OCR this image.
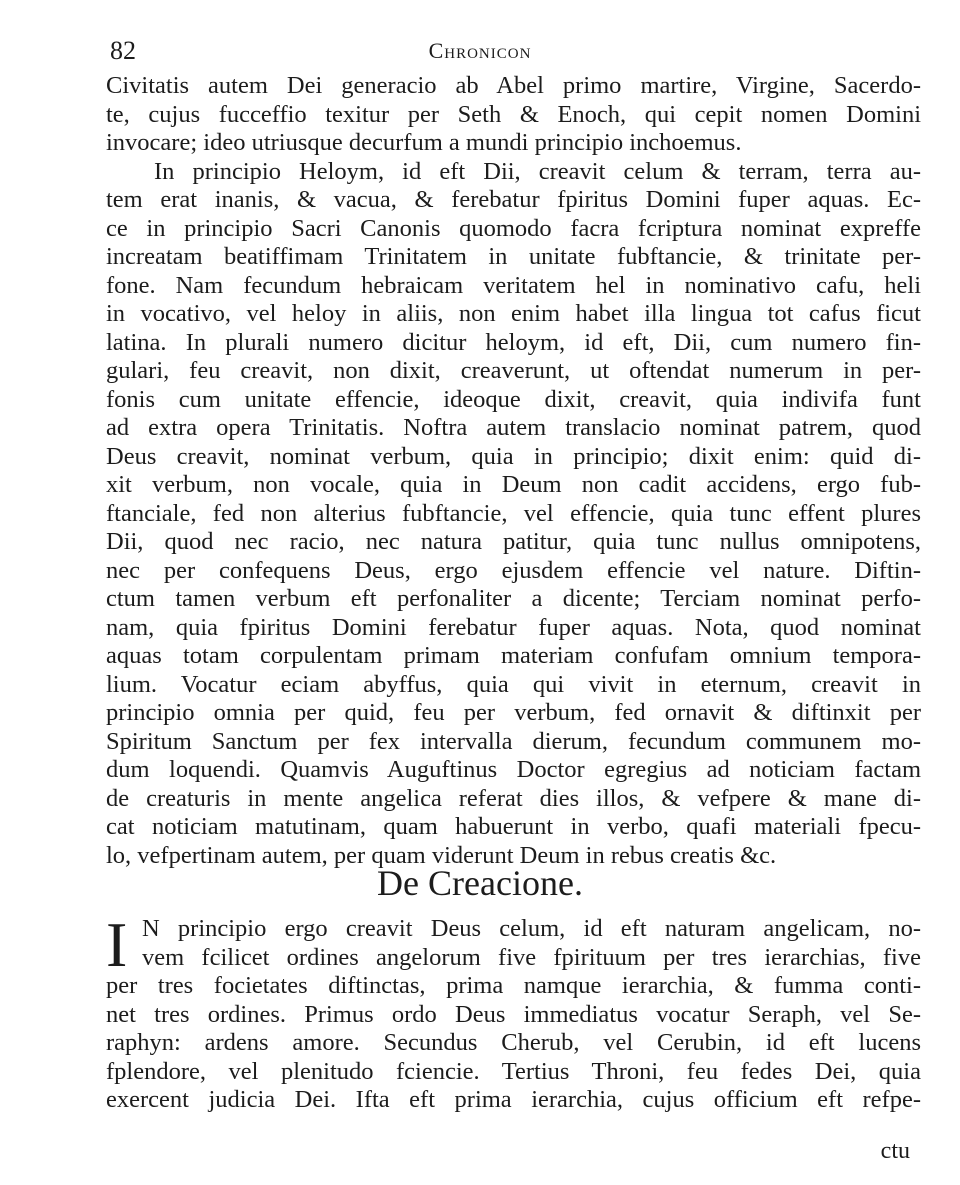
82	Chronicon
Civitatis autem Dei generacio ab Abel primo martire, Virgine, Sacerdo-
te, cujus fucceffio texitur per Seth & Enoch, qui cepit nomen Domini
invocare; ideo utriusque decurfum a mundi principio inchoemus.
In principio Heloym, id eft Dii, creavit celum & terram, terra au-
tem erat inanis, & vacua, & ferebatur fpiritus Domini fuper aquas. Ec-
ce in principio Sacri Canonis quomodo facra fcriptura nominat expreffe
increatam beatiffimam Trinitatem in unitate fubftancie, & trinitate per-
fone. Nam fecundum hebraicam veritatem hel in nominativo cafu, heli
in vocativo, vel heloy in aliis, non enim habet illa lingua tot cafus ficut
latina. In plurali numero dicitur heloym, id eft, Dii, cum numero fin-
gulari, feu creavit, non dixit, creaverunt, ut oftendat numerum in per-
fonis cum unitate effencie, ideoque dixit, creavit, quia indivifa funt
ad extra opera Trinitatis. Noftra autem translacio nominat patrem, quod
Deus creavit, nominat verbum, quia in principio; dixit enim: quid di-
xit verbum, non vocale, quia in Deum non cadit accidens, ergo fub-
ftanciale, fed non alterius fubftancie, vel effencie, quia tunc effent plures
Dii, quod nec racio, nec natura patitur, quia tunc nullus omnipotens,
nec per confequens Deus, ergo ejusdem effencie vel nature. Diftin-
ctum tamen verbum eft perfonaliter a dicente; Terciam nominat perfo-
nam, quia fpiritus Domini ferebatur fuper aquas. Nota, quod nominat
aquas totam corpulentam primam materiam confufam omnium tempora-
lium. Vocatur eciam abyffus, quia qui vivit in eternum, creavit in
principio omnia per quid, feu per verbum, fed ornavit & diftinxit per
Spiritum Sanctum per fex intervalla dierum, fecundum communem mo-
dum loquendi. Quamvis Auguftinus Doctor egregius ad noticiam factam
de creaturis in mente angelica referat dies illos, & vefpere & mane di-
cat noticiam matutinam, quam habuerunt in verbo, quafi materiali fpecu-
lo, vefpertinam autem, per quam viderunt Deum in rebus creatis &c.
De Creacione.
I N principio ergo creavit Deus celum, id eft naturam angelicam, no-
vem fcilicet ordines angelorum five fpirituum per tres ierarchias, five
per tres focietates diftinctas, prima namque ierarchia, & fumma conti-
net tres ordines. Primus ordo Deus immediatus vocatur Seraph, vel Se-
raphyn: ardens amore. Secundus Cherub, vel Cerubin, id eft lucens
fplendore, vel plenitudo fciencie. Tertius Throni, feu fedes Dei, quia
exercent judicia Dei. Ifta eft prima ierarchia, cujus officium eft refpe-
ctu
